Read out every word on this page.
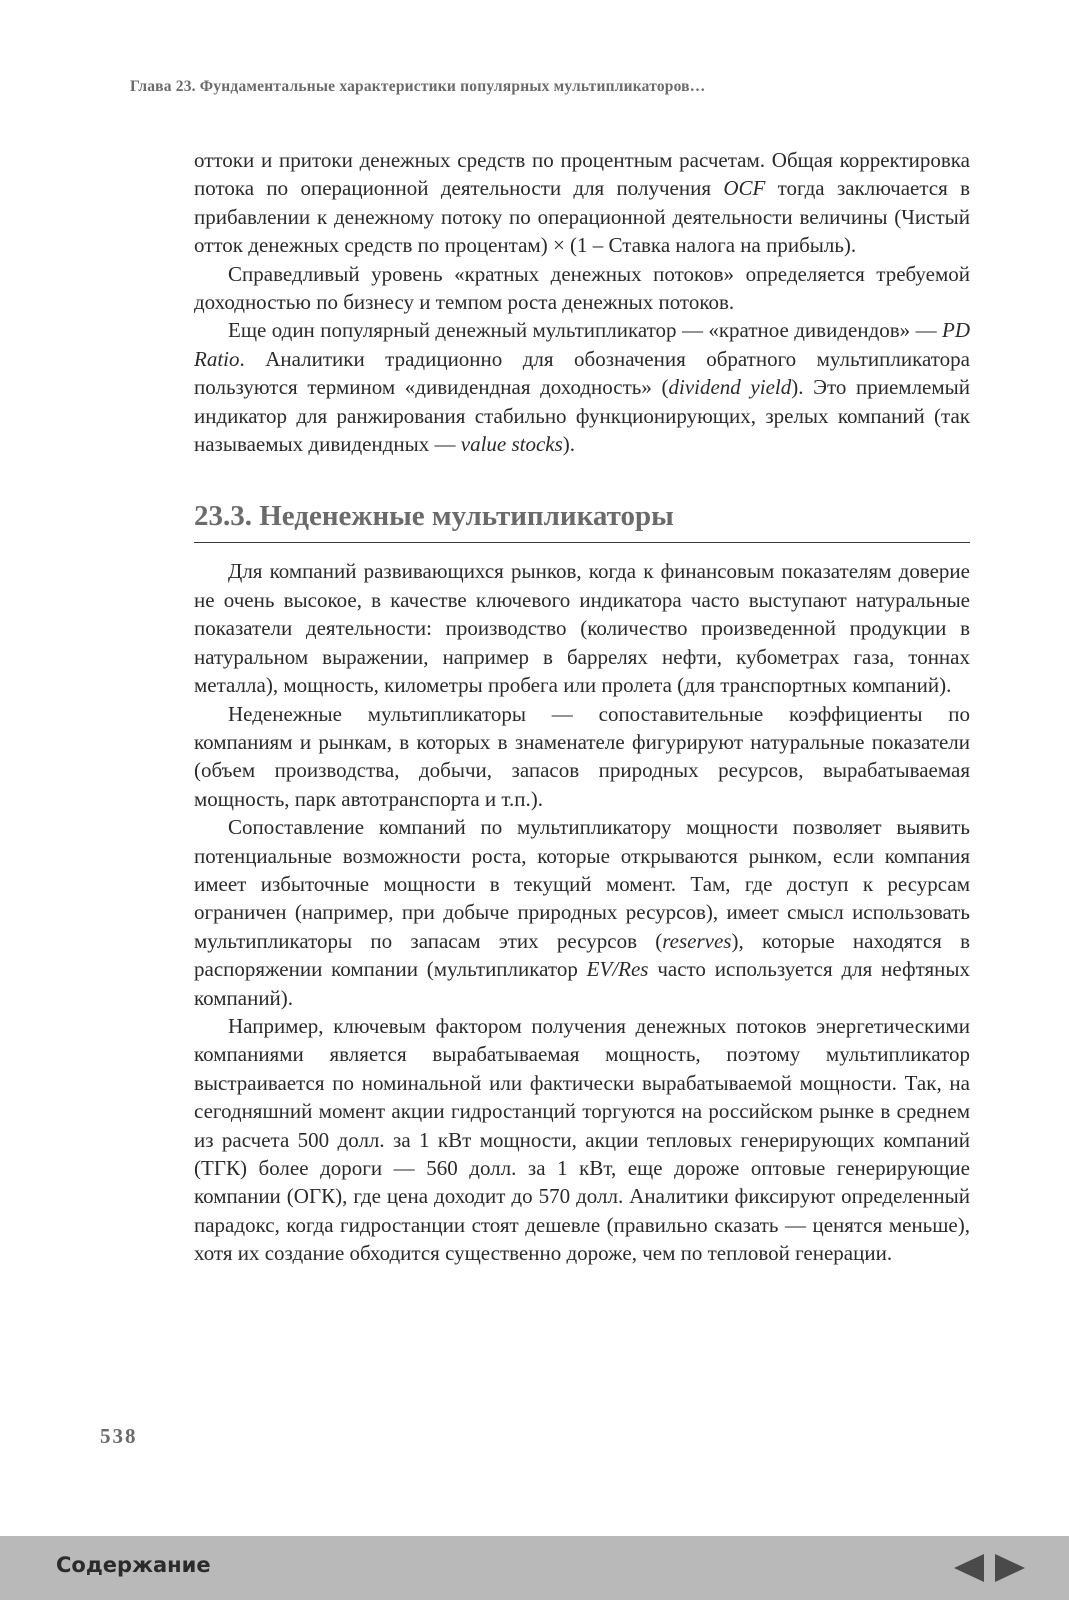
Глава 23. Фундаментальные характеристики популярных мультипликаторов…

оттоки и притоки денежных средств по процентным расчетам. Общая корректировка потока по операционной деятельности для получения OCF тогда заключается в прибавлении к денежному потоку по операционной деятельности величины (Чистый отток денежных средств по процентам) × (1 – Ставка налога на прибыль).

Справедливый уровень «кратных денежных потоков» определяется требуемой доходностью по бизнесу и темпом роста денежных потоков.

Еще один популярный денежный мультипликатор — «кратное дивидендов» — PD Ratio. Аналитики традиционно для обозначения обратного мультипликатора пользуются термином «дивидендная доходность» (dividend yield). Это приемлемый индикатор для ранжирования стабильно функционирующих, зрелых компаний (так называемых дивидендных — value stocks).

23.3. Неденежные мультипликаторы

Для компаний развивающихся рынков, когда к финансовым показателям доверие не очень высокое, в качестве ключевого индикатора часто выступают натуральные показатели деятельности: производство (количество произведенной продукции в натуральном выражении, например в баррелях нефти, кубометрах газа, тоннах металла), мощность, километры пробега или пролета (для транспортных компаний).

Неденежные мультипликаторы — сопоставительные коэффициенты по компаниям и рынкам, в которых в знаменателе фигурируют натуральные показатели (объем производства, добычи, запасов природных ресурсов, вырабатываемая мощность, парк автотранспорта и т.п.).

Сопоставление компаний по мультипликатору мощности позволяет выявить потенциальные возможности роста, которые открываются рынком, если компания имеет избыточные мощности в текущий момент. Там, где доступ к ресурсам ограничен (например, при добыче природных ресурсов), имеет смысл использовать мультипликаторы по запасам этих ресурсов (reserves), которые находятся в распоряжении компании (мультипликатор EV/Res часто используется для нефтяных компаний).

Например, ключевым фактором получения денежных потоков энергетическими компаниями является вырабатываемая мощность, поэтому мультипликатор выстраивается по номинальной или фактически вырабатываемой мощности. Так, на сегодняшний момент акции гидростанций торгуются на российском рынке в среднем из расчета 500 долл. за 1 кВт мощности, акции тепловых генерирующих компаний (ТГК) более дороги — 560 долл. за 1 кВт, еще дороже оптовые генерирующие компании (ОГК), где цена доходит до 570 долл. Аналитики фиксируют определенный парадокс, когда гидростанции стоят дешевле (правильно сказать — ценятся меньше), хотя их создание обходится существенно дороже, чем по тепловой генерации.

538
Содержание
